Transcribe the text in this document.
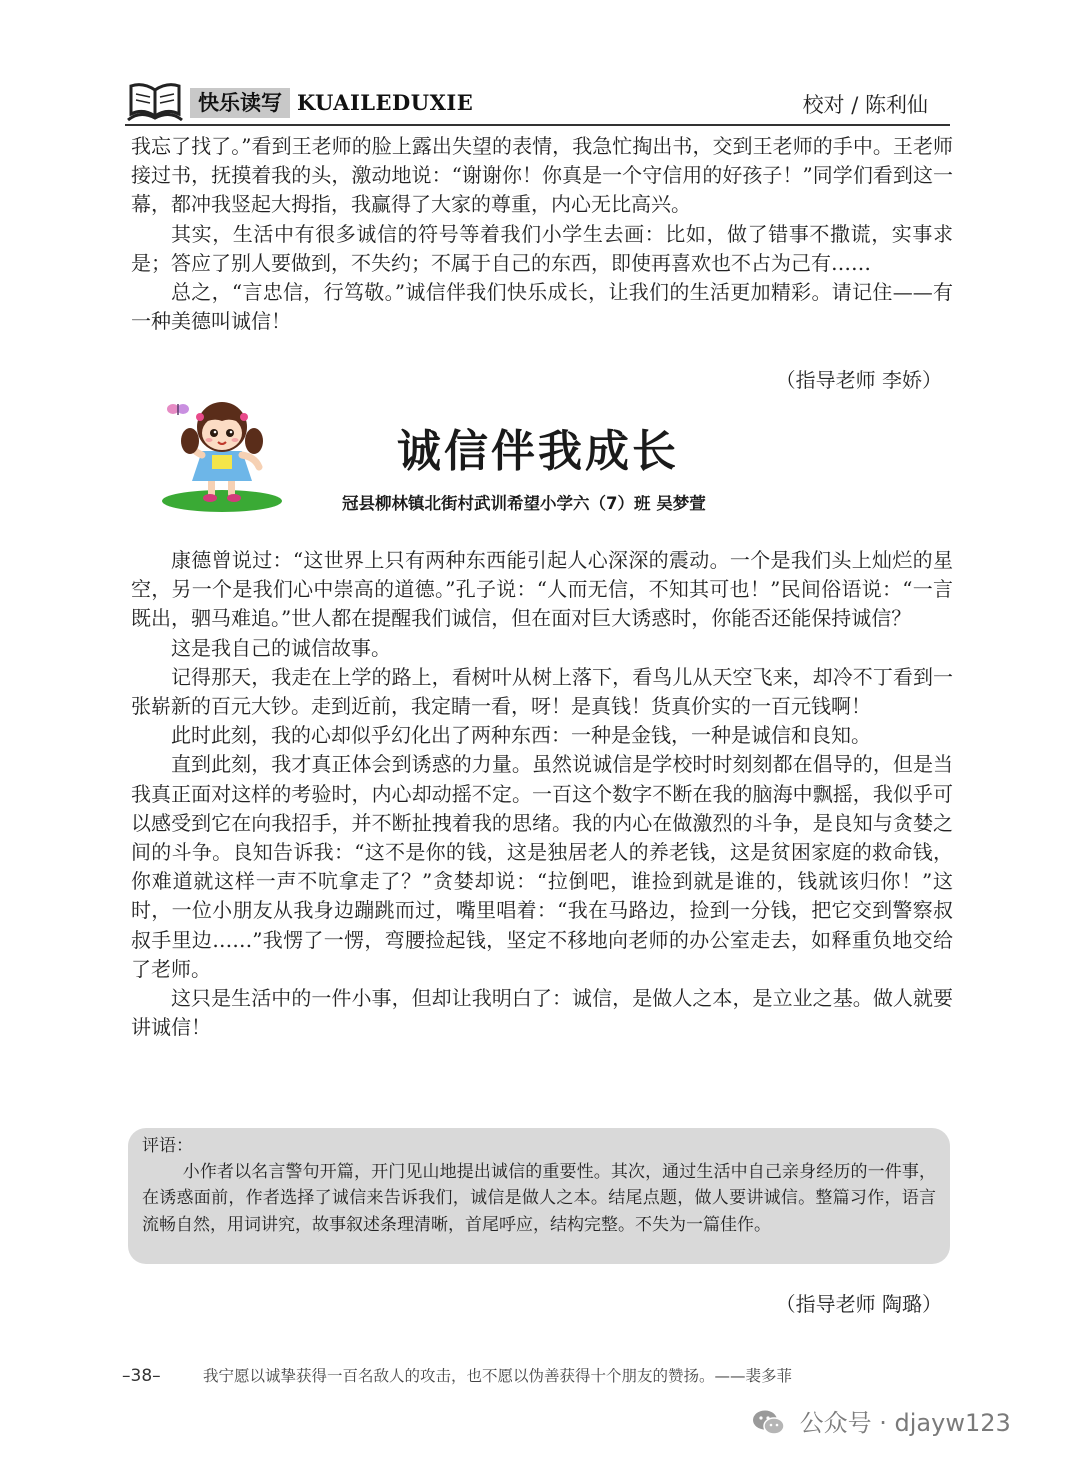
快乐读写 KUAILEDUXIE	校对 / 陈利仙

我忘了找了。”看到王老师的脸上露出失望的表情，我急忙掏出书，交到王老师的手中。王老师接过书，抚摸着我的头，激动地说：“谢谢你！你真是一个守信用的好孩子！”同学们看到这一幕，都冲我竖起大拇指，我赢得了大家的尊重，内心无比高兴。

其实，生活中有很多诚信的符号等着我们小学生去画：比如，做了错事不撒谎，实事求是；答应了别人要做到，不失约；不属于自己的东西，即使再喜欢也不占为己有……

总之，“言忠信，行笃敬。”诚信伴我们快乐成长，让我们的生活更加精彩。请记住——有一种美德叫诚信！

（指导老师 李娇）
诚信伴我成长
冠县柳林镇北街村武训希望小学六（7）班 吴梦萱

康德曾说过：“这世界上只有两种东西能引起人心深深的震动。一个是我们头上灿烂的星空，另一个是我们心中崇高的道德。”孔子说：“人而无信，不知其可也！”民间俗语说：“一言既出，驷马难追。”世人都在提醒我们诚信，但在面对巨大诱惑时，你能否还能保持诚信？

这是我自己的诚信故事。

记得那天，我走在上学的路上，看树叶从树上落下，看鸟儿从天空飞来，却冷不丁看到一张崭新的百元大钞。走到近前，我定睛一看，呀！是真钱！货真价实的一百元钱啊！

此时此刻，我的心却似乎幻化出了两种东西：一种是金钱，一种是诚信和良知。

直到此刻，我才真正体会到诱惑的力量。虽然说诚信是学校时时刻刻都在倡导的，但是当我真正面对这样的考验时，内心却动摇不定。一百这个数字不断在我的脑海中飘摇，我似乎可以感受到它在向我招手，并不断扯拽着我的思绪。我的内心在做激烈的斗争，是良知与贪婪之间的斗争。良知告诉我：“这不是你的钱，这是独居老人的养老钱，这是贫困家庭的救命钱，你难道就这样一声不吭拿走了？”贪婪却说：“拉倒吧，谁捡到就是谁的，钱就该归你！”这时，一位小朋友从我身边蹦跳而过，嘴里唱着：“我在马路边，捡到一分钱，把它交到警察叔叔手里边……”我愣了一愣，弯腰捡起钱，坚定不移地向老师的办公室走去，如释重负地交给了老师。

这只是生活中的一件小事，但却让我明白了：诚信，是做人之本，是立业之基。做人就要讲诚信！

评语：

小作者以名言警句开篇，开门见山地提出诚信的重要性。其次，通过生活中自己亲身经历的一件事，在诱惑面前，作者选择了诚信来告诉我们，诚信是做人之本。结尾点题，做人要讲诚信。整篇习作，语言流畅自然，用词讲究，故事叙述条理清晰，首尾呼应，结构完整。不失为一篇佳作。

（指导老师 陶璐）
–38–	我宁愿以诚挚获得一百名敌人的攻击，也不愿以伪善获得十个朋友的赞扬。——裴多菲
公众号 · djayw123
